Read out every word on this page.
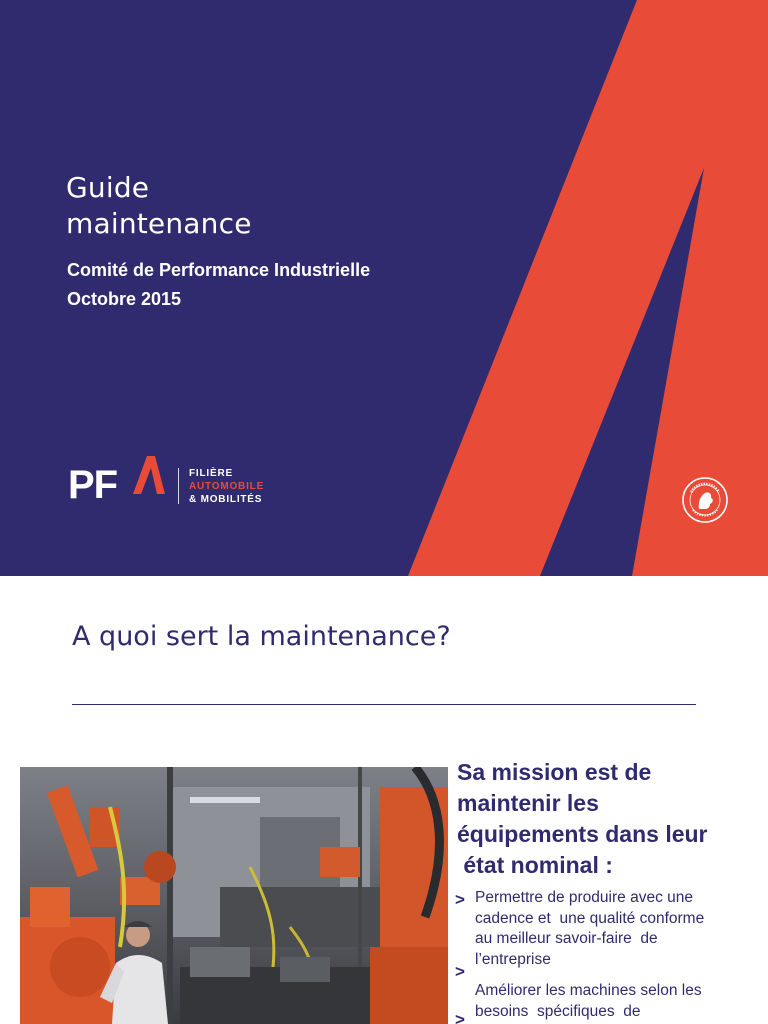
Guide
maintenance
Comité de Performance Industrielle
Octobre 2015
PF	FILIÈRE
AUTOMOBILE
& MOBILITÉS
A quoi sert la maintenance?
Sa mission est de
maintenir les
équipements dans leur
état nominal :
> Permettre de produire avec une
cadence et  une qualité conforme
au meilleur savoir-faire  de
l’entreprise
>
Améliorer les machines selon les
besoins  spécifiques  de
>
